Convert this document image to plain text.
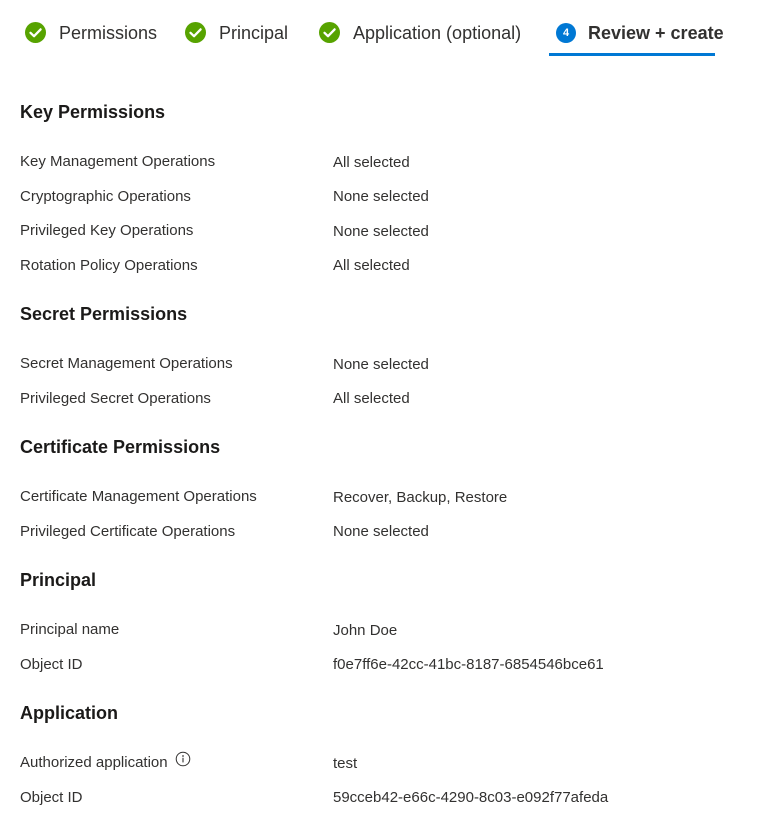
Permissions	Principal	Application (optional)	4	Review + create
Key Permissions
Key Management Operations	All selected
Cryptographic Operations	None selected
Privileged Key Operations	None selected
Rotation Policy Operations	All selected
Secret Permissions
Secret Management Operations	None selected
Privileged Secret Operations	All selected
Certificate Permissions
Certificate Management Operations	Recover, Backup, Restore
Privileged Certificate Operations	None selected
Principal
Principal name	John Doe
Object ID	f0e7ff6e-42cc-41bc-8187-6854546bce61
Application
Authorized application	test
Object ID	59cceb42-e66c-4290-8c03-e092f77afeda
